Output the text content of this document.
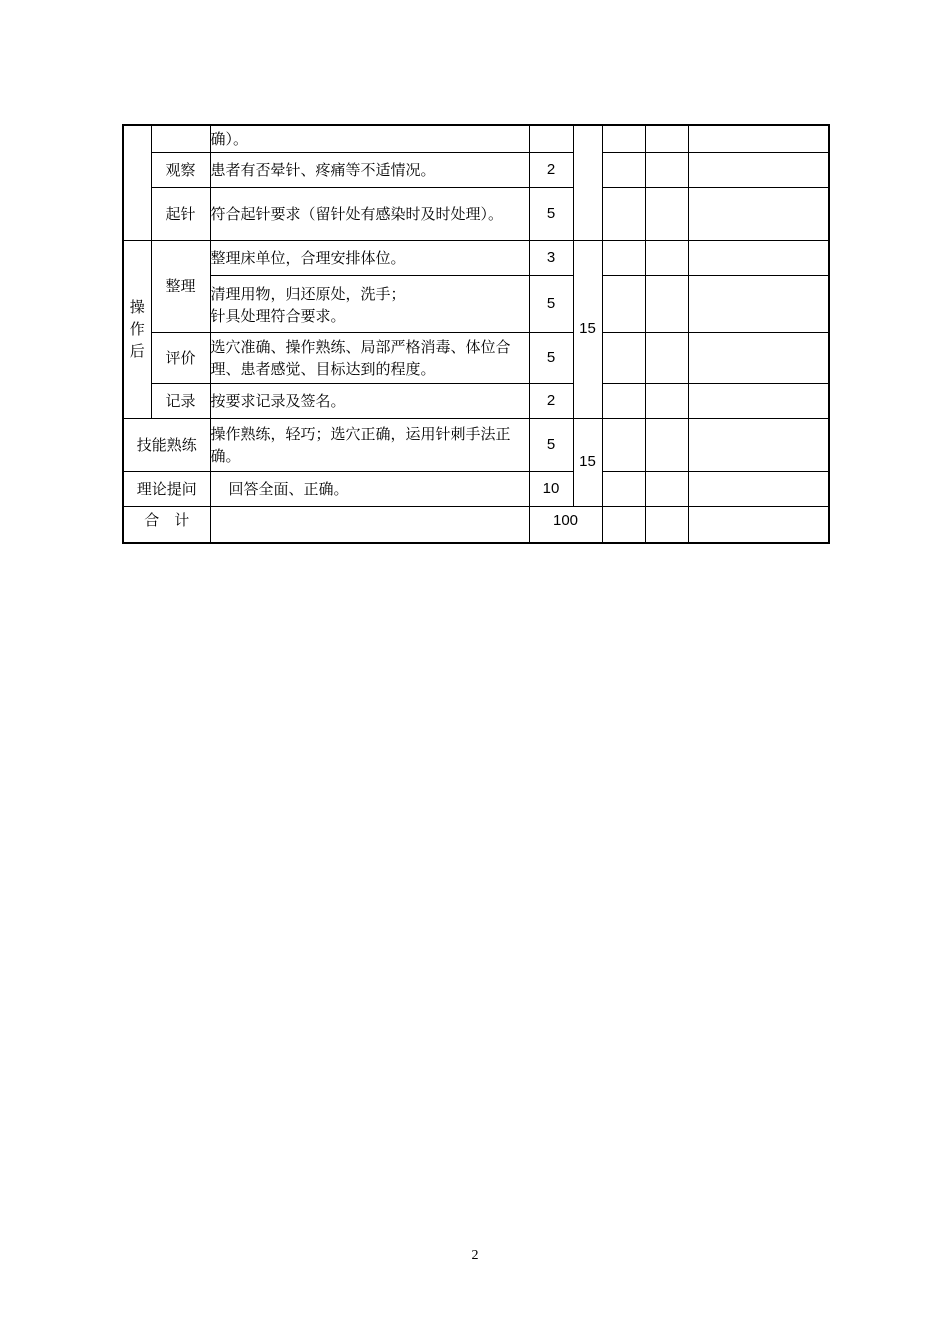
		确）。					
	观察	患者有否晕针、疼痛等不适情况。	2				
	起针	符合起针要求（留针处有感染时及时处理）。	5				
操
作
后	整理	整理床单位，合理安排体位。	3	15			
		清理用物，归还原处，洗手；
针具处理符合要求。	5				
	评价	选穴准确、操作熟练、局部严格消毒、体位合理、患者感觉、目标达到的程度。	5				
	记录	按要求记录及签名。	2				
技能熟练		操作熟练，轻巧；选穴正确，运用针刺手法正确。	5	15			
理论提问		回答全面、正确。	10				
合　计			100				
2
